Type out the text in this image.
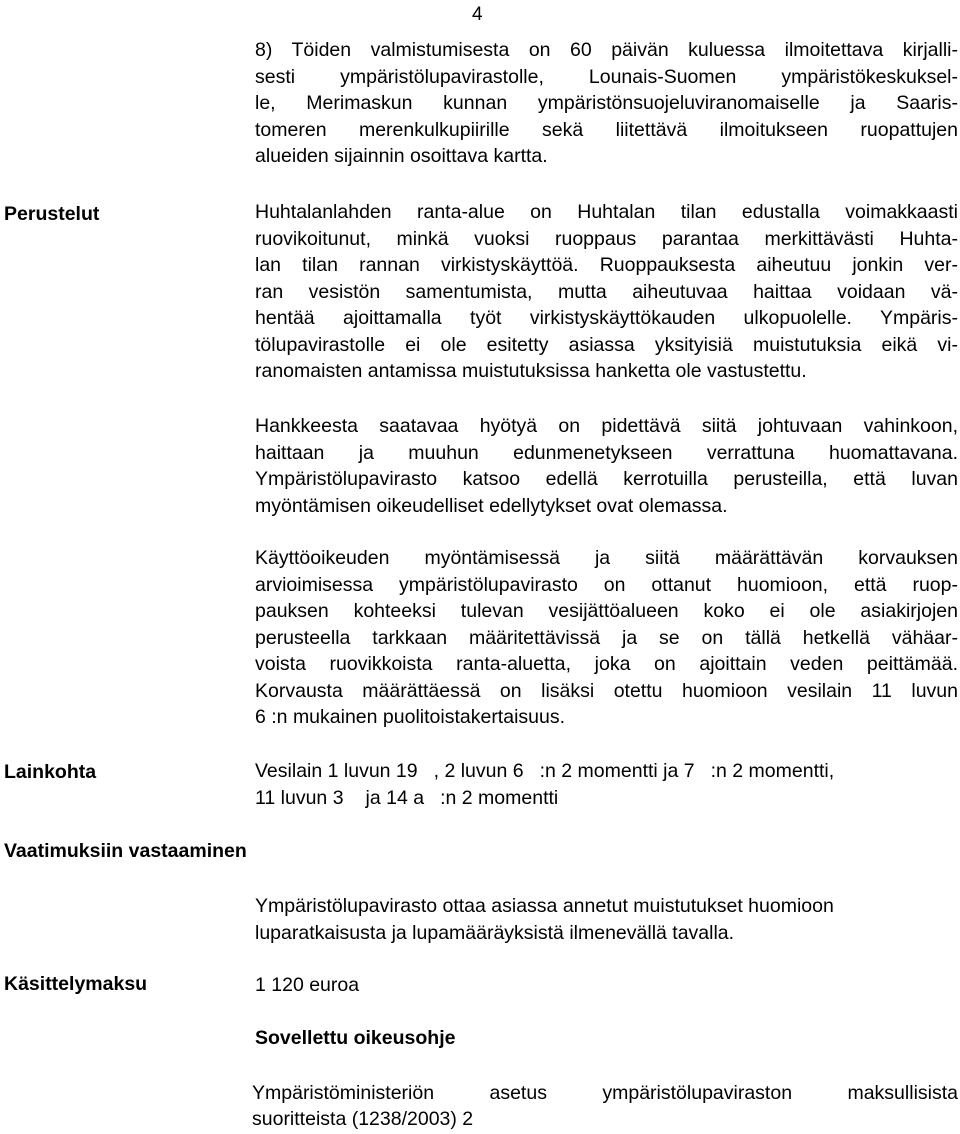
4
8) Töiden valmistumisesta on 60 päivän kuluessa ilmoitettava kirjalli-
sesti ympäristölupavirastolle, Lounais-Suomen ympäristökeskuksel-
le, Merimaskun kunnan ympäristönsuojeluviranomaiselle ja Saaris-
tomeren merenkulkupiirille sekä liitettävä ilmoitukseen ruopattujen
alueiden sijainnin osoittava kartta.
Perustelut	Huhtalanlahden ranta-alue on Huhtalan tilan edustalla voimakkaasti
ruovikoitunut, minkä vuoksi ruoppaus parantaa merkittävästi Huhta-
lan tilan rannan virkistyskäyttöä. Ruoppauksesta aiheutuu jonkin ver-
ran vesistön samentumista, mutta aiheutuvaa haittaa voidaan vä-
hentää ajoittamalla työt virkistyskäyttökauden ulkopuolelle. Ympäris-
tölupavirastolle ei ole esitetty asiassa yksityisiä muistutuksia eikä vi-
ranomaisten antamissa muistutuksissa hanketta ole vastustettu.
Hankkeesta saatavaa hyötyä on pidettävä siitä johtuvaan vahinkoon,
haittaan ja muuhun edunmenetykseen verrattuna huomattavana.
Ympäristölupavirasto katsoo edellä kerrotuilla perusteilla, että luvan
myöntämisen oikeudelliset edellytykset ovat olemassa.
Käyttöoikeuden myöntämisessä ja siitä määrättävän korvauksen
arvioimisessa ympäristölupavirasto on ottanut huomioon, että ruop-
pauksen kohteeksi tulevan vesijättöalueen koko ei ole asiakirjojen
perusteella tarkkaan määritettävissä ja se on tällä hetkellä vähäar-
voista ruovikkoista ranta-aluetta, joka on ajoittain veden peittämää.
Korvausta määrättäessä on lisäksi otettu huomioon vesilain 11 luvun
6 :n mukainen puolitoistakertaisuus.
Lainkohta	Vesilain 1 luvun 19 , 2 luvun 6 :n 2 momentti ja 7 :n 2 momentti,
11 luvun 3 ja 14 a :n 2 momentti
Vaatimuksiin vastaaminen
Ympäristölupavirasto ottaa asiassa annetut muistutukset huomioon
luparatkaisusta ja lupamääräyksistä ilmenevällä tavalla.
Käsittelymaksu	1 120 euroa
Sovellettu oikeusohje
Ympäristöministeriön asetus ympäristölupaviraston maksullisista
suoritteista (1238/2003) 2
